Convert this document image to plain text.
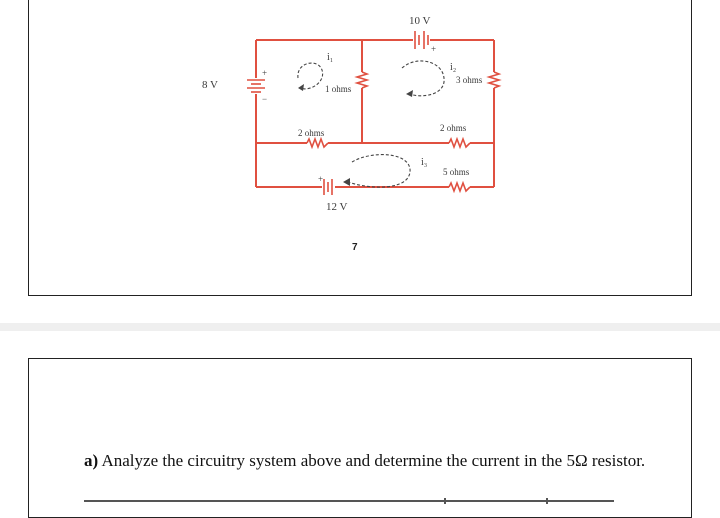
10 V
8 V
12 V
1 ohms
3 ohms
2 ohms	2 ohms
5 ohms
i₁
i₂
i₃
+
−
+
+
7
a) Analyze the circuitry system above and determine the current in the 5Ω resistor.
